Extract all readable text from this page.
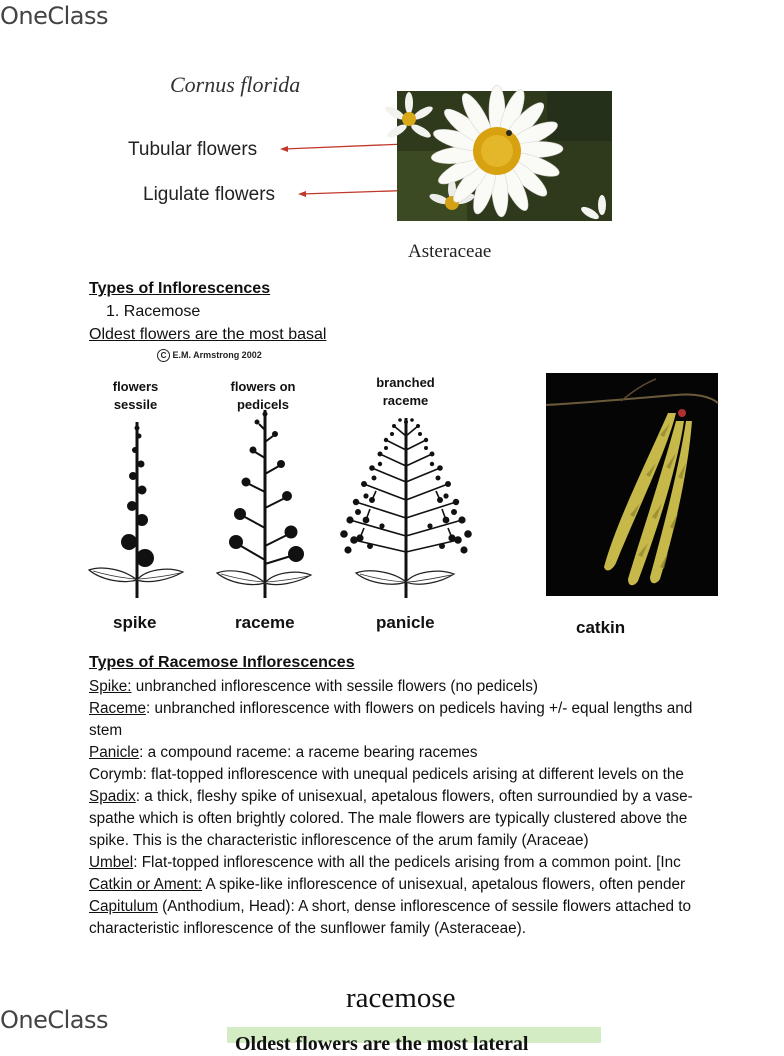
OneClass
Cornus florida
Tubular flowers
Ligulate flowers
Asteraceae
Types of Inflorescences
1. Racemose
Oldest flowers are the most basal
C E.M. Armstrong 2002
flowers sessile
flowers on pedicels
branched raceme
spike	raceme	panicle	catkin
Types of Racemose Inflorescences
Spike: unbranched inflorescence with sessile flowers (no pedicels)
Raceme: unbranched inflorescence with flowers on pedicels having +/- equal lengths and
stem
Panicle: a compound raceme: a raceme bearing racemes
Corymb: flat-topped inflorescence with unequal pedicels arising at different levels on the
Spadix: a thick, fleshy spike of unisexual, apetalous flowers, often surroundied by a vase-
spathe which is often brightly colored. The male flowers are typically clustered above the
spike. This is the characteristic inflorescence of the arum family (Araceae)
Umbel: Flat-topped inflorescence with all the pedicels arising from a common point. [Inc
Catkin or Ament: A spike-like inflorescence of unisexual, apetalous flowers, often pender
Capitulum (Anthodium, Head): A short, dense inflorescence of sessile flowers attached to
characteristic inflorescence of the sunflower family (Asteraceae).
racemose
OneClass
Oldest flowers are the most lateral
